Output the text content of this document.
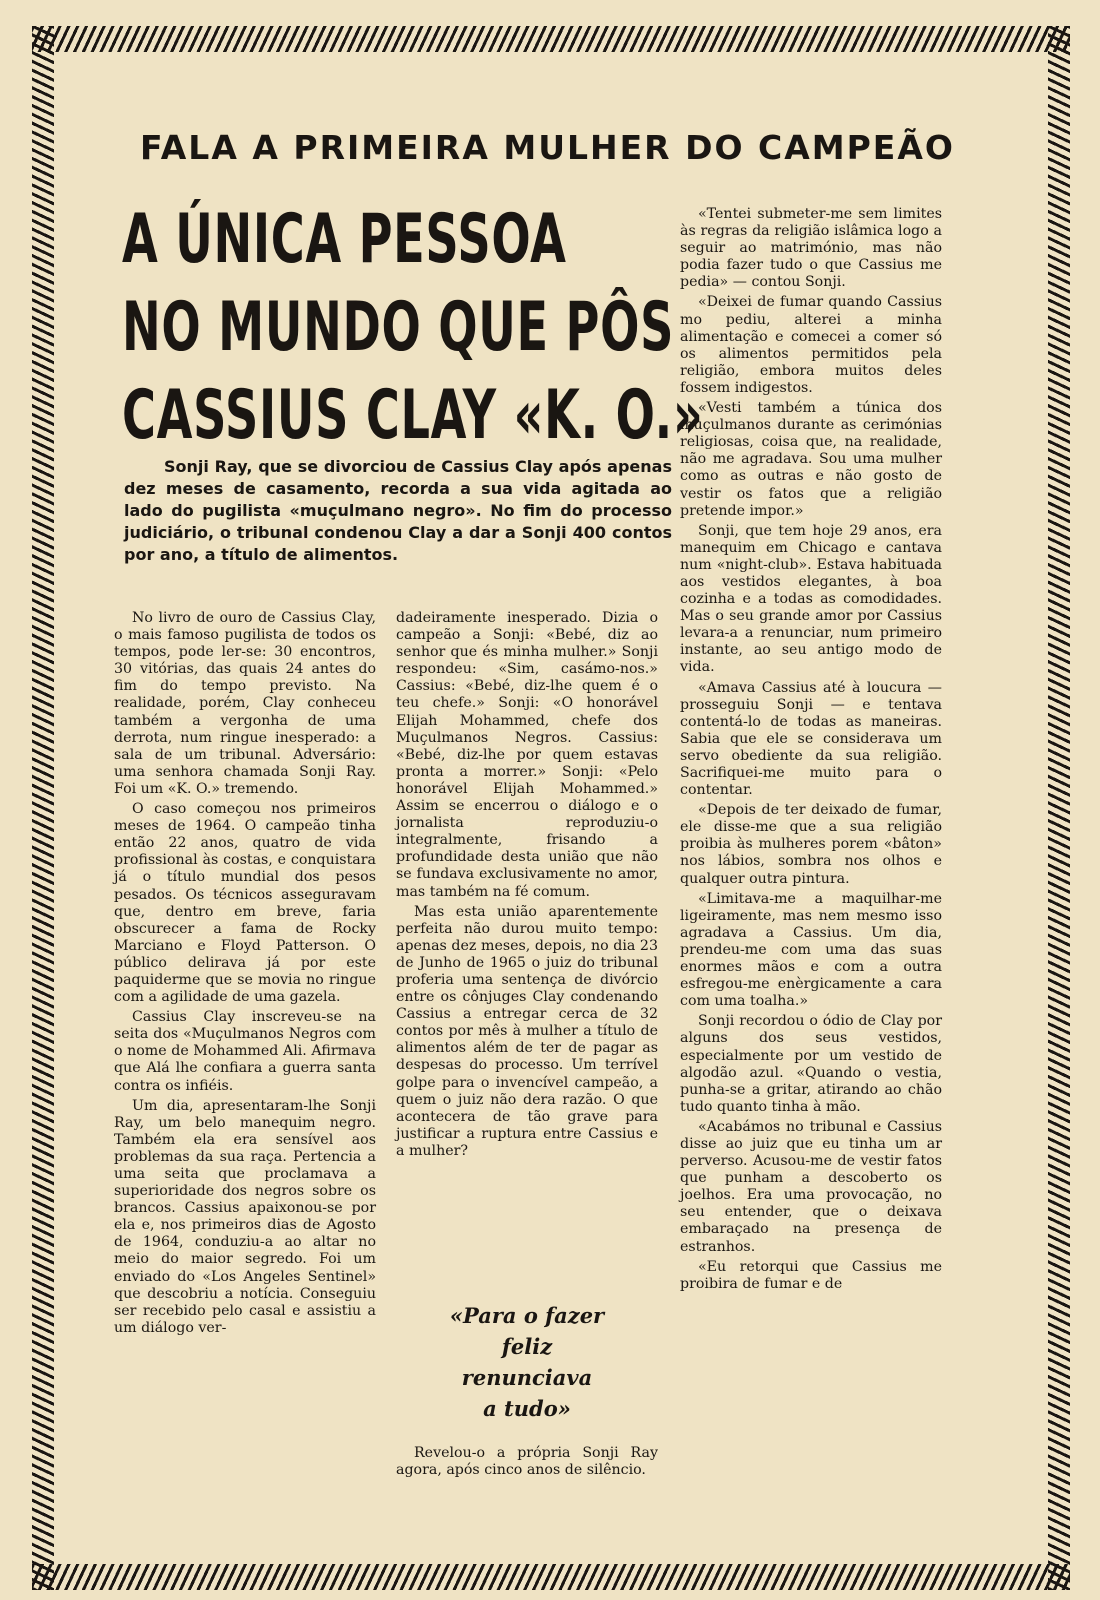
FALA A PRIMEIRA MULHER DO CAMPEÃO
A ÚNICA PESSOA
NO MUNDO QUE PÔS
CASSIUS CLAY «K. O.»
Sonji Ray, que se divorciou de Cassius Clay após apenas dez meses de casamento, recorda a sua vida agitada ao lado do pugilista «muçulmano negro». No fim do processo judiciário, o tribunal condenou Clay a dar a Sonji 400 contos por ano, a título de alimentos.

No livro de ouro de Cassius Clay, o mais famoso pugilista de todos os tempos, pode ler-se: 30 encontros, 30 vitórias, das quais 24 antes do fim do tempo previsto. Na realidade, porém, Clay conheceu também a vergonha de uma derrota, num ringue inesperado: a sala de um tribunal. Adversário: uma senhora chamada Sonji Ray. Foi um «K. O.» tremendo.

O caso começou nos primeiros meses de 1964. O campeão tinha então 22 anos, quatro de vida profissional às costas, e conquistara já o título mundial dos pesos pesados. Os técnicos asseguravam que, dentro em breve, faria obscurecer a fama de Rocky Marciano e Floyd Patterson. O público delirava já por este paquiderme que se movia no ringue com a agilidade de uma gazela.

Cassius Clay inscreveu-se na seita dos «Muçulmanos Negros com o nome de Mohammed Ali. Afirmava que Alá lhe confiara a guerra santa contra os infiéis.

Um dia, apresentaram-lhe Sonji Ray, um belo manequim negro. Também ela era sensível aos problemas da sua raça. Pertencia a uma seita que proclamava a superioridade dos negros sobre os brancos. Cassius apaixonou-se por ela e, nos primeiros dias de Agosto de 1964, conduziu-a ao altar no meio do maior segredo. Foi um enviado do «Los Angeles Sentinel» que descobriu a notícia. Conseguiu ser recebido pelo casal e assistiu a um diálogo ver-

dadeiramente inesperado. Dizia o campeão a Sonji: «Bebé, diz ao senhor que és minha mulher.» Sonji respondeu: «Sim, casámo-nos.» Cassius: «Bebé, diz-lhe quem é o teu chefe.» Sonji: «O honorável Elijah Mohammed, chefe dos Muçulmanos Negros. Cassius: «Bebé, diz-lhe por quem estavas pronta a morrer.» Sonji: «Pelo honorável Elijah Mohammed.» Assim se encerrou o diálogo e o jornalista reproduziu-o integralmente, frisando a profundidade desta união que não se fundava exclusivamente no amor, mas também na fé comum.

Mas esta união aparentemente perfeita não durou muito tempo: apenas dez meses, depois, no dia 23 de Junho de 1965 o juiz do tribunal proferia uma sentença de divórcio entre os cônjuges Clay condenando Cassius a entregar cerca de 32 contos por mês à mulher a título de alimentos além de ter de pagar as despesas do processo. Um terrível golpe para o invencível campeão, a quem o juiz não dera razão. O que acontecera de tão grave para justificar a ruptura entre Cassius e a mulher?

«Para o fazer
feliz
renunciava
a tudo»

Revelou-o a própria Sonji Ray agora, após cinco anos de silêncio.

«Tentei submeter-me sem limites às regras da religião islâmica logo a seguir ao matrimónio, mas não podia fazer tudo o que Cassius me pedia» — contou Sonji.

«Deixei de fumar quando Cassius mo pediu, alterei a minha alimentação e comecei a comer só os alimentos permitidos pela religião, embora muitos deles fossem indigestos.

«Vesti também a túnica dos muçulmanos durante as cerimónias religiosas, coisa que, na realidade, não me agradava. Sou uma mulher como as outras e não gosto de vestir os fatos que a religião pretende impor.»

Sonji, que tem hoje 29 anos, era manequim em Chicago e cantava num «night-club». Estava habituada aos vestidos elegantes, à boa cozinha e a todas as comodidades. Mas o seu grande amor por Cassius levara-a a renunciar, num primeiro instante, ao seu antigo modo de vida.

«Amava Cassius até à loucura — prosseguiu Sonji — e tentava contentá-lo de todas as maneiras. Sabia que ele se considerava um servo obediente da sua religião. Sacrifiquei-me muito para o contentar.

«Depois de ter deixado de fumar, ele disse-me que a sua religião proibia às mulheres porem «bâton» nos lábios, sombra nos olhos e qualquer outra pintura.

«Limitava-me a maquilhar-me ligeiramente, mas nem mesmo isso agradava a Cassius. Um dia, prendeu-me com uma das suas enormes mãos e com a outra esfregou-me enèrgicamente a cara com uma toalha.»

Sonji recordou o ódio de Clay por alguns dos seus vestidos, especialmente por um vestido de algodão azul. «Quando o vestia, punha-se a gritar, atirando ao chão tudo quanto tinha à mão.

«Acabámos no tribunal e Cassius disse ao juiz que eu tinha um ar perverso. Acusou-me de vestir fatos que punham a descoberto os joelhos. Era uma provocação, no seu entender, que o deixava embaraçado na presença de estranhos.

«Eu retorqui que Cassius me proibira de fumar e de
